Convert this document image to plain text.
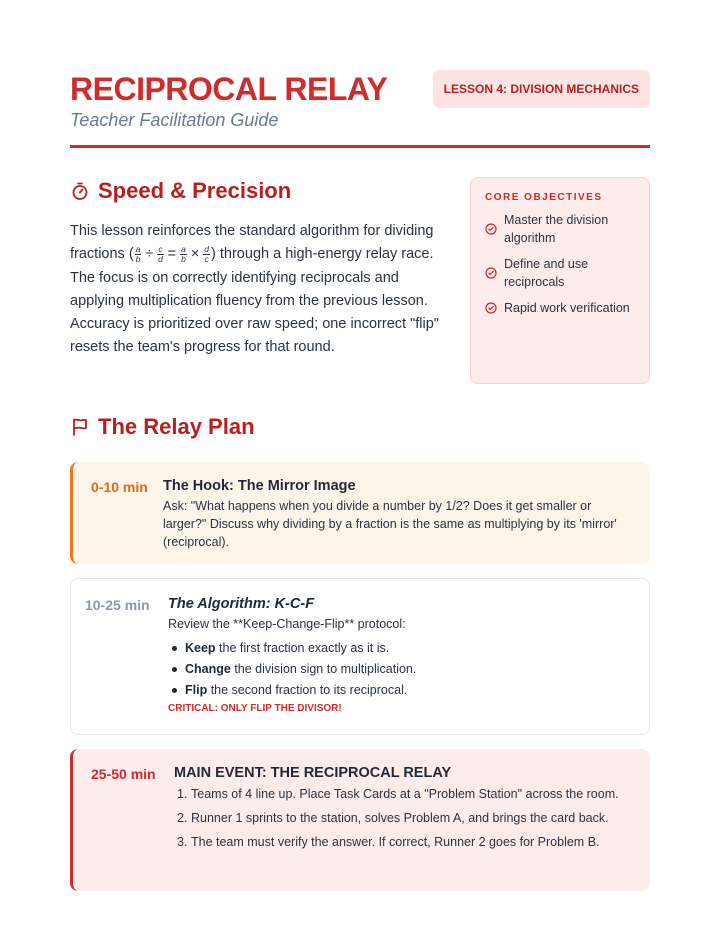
RECIPROCAL RELAY
Teacher Facilitation Guide
LESSON 4: DIVISION MECHANICS
Speed & Precision
This lesson reinforces the standard algorithm for dividing fractions ( $\frac{a}{b} \div \frac{c}{d} = \frac{a}{b} \times \frac{d}{c}$ ) through a high-energy relay race. The focus is on correctly identifying reciprocals and applying multiplication fluency from the previous lesson. Accuracy is prioritized over raw speed; one incorrect "flip" resets the team's progress for that round.
CORE OBJECTIVES
Master the division algorithm
Define and use reciprocals
Rapid work verification
The Relay Plan
0-10 min The Hook: The Mirror Image
Ask: "What happens when you divide a number by 1/2? Does it get smaller or larger?" Discuss why dividing by a fraction is the same as multiplying by its 'mirror' (reciprocal).
10-25 min The Algorithm: K-C-F
Review the **Keep-Change-Flip** protocol:
Keep the first fraction exactly as it is.
Change the division sign to multiplication.
Flip the second fraction to its reciprocal.
CRITICAL: ONLY FLIP THE DIVISOR!
25-50 min MAIN EVENT: THE RECIPROCAL RELAY
1. Teams of 4 line up. Place Task Cards at a "Problem Station" across the room.
2. Runner 1 sprints to the station, solves Problem A, and brings the card back.
3. The team must verify the answer. If correct, Runner 2 goes for Problem B.
